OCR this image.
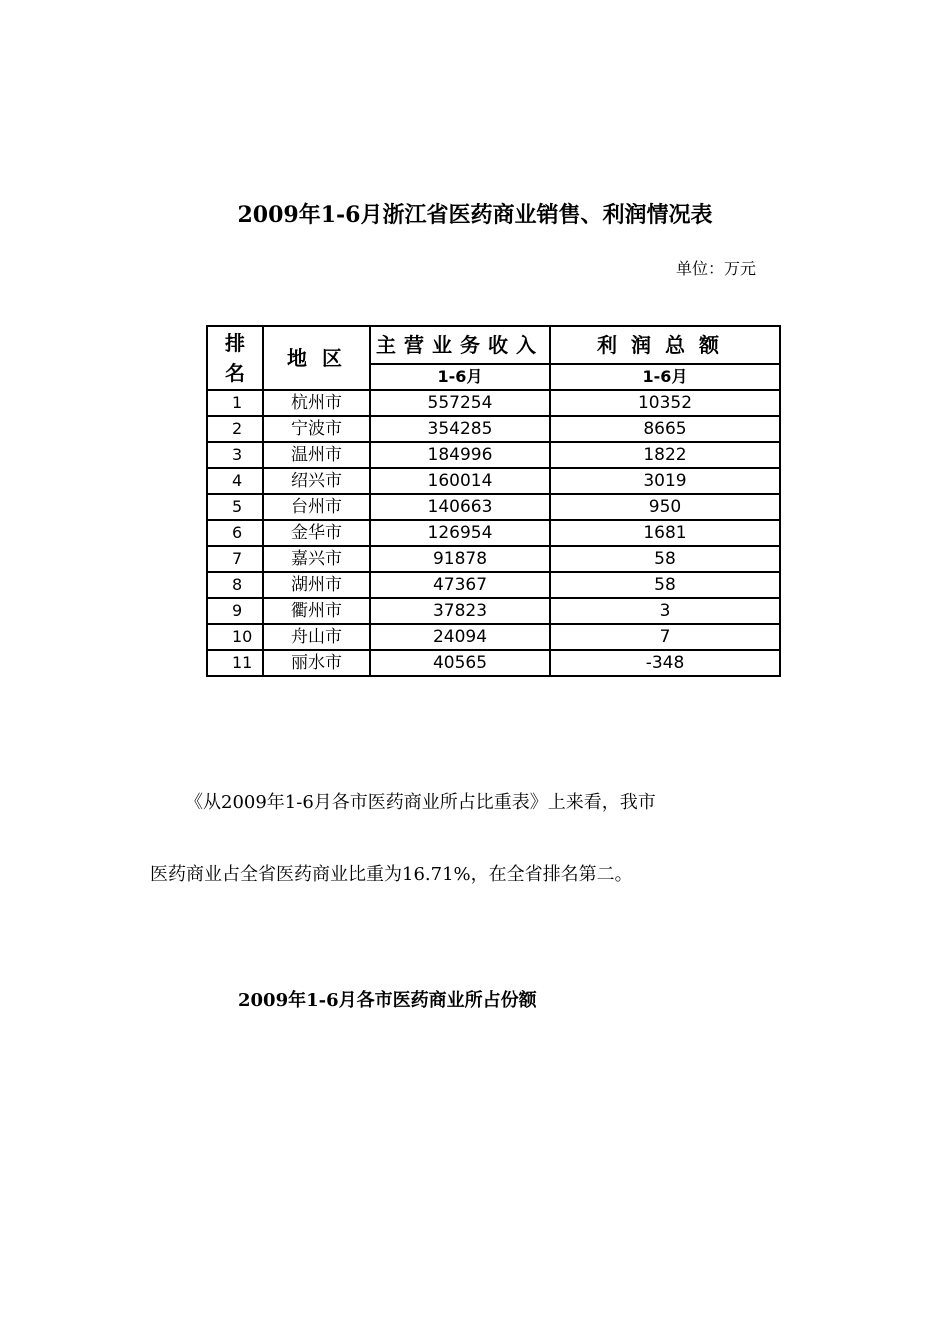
2009年1-6月浙江省医药商业销售、利润情况表
单位：万元
排名	地 区	主营业务收入	利润总额
		1-6月	1-6月
1	杭州市	557254	10352
2	宁波市	354285	8665
3	温州市	184996	1822
4	绍兴市	160014	3019
5	台州市	140663	950
6	金华市	126954	1681
7	嘉兴市	91878	58
8	湖州市	47367	58
9	衢州市	37823	3
10	舟山市	24094	7
11	丽水市	40565	-348
《从2009年1-6月各市医药商业所占比重表》上来看，我市
医药商业占全省医药商业比重为16.71%，在全省排名第二。
2009年1-6月各市医药商业所占份额
